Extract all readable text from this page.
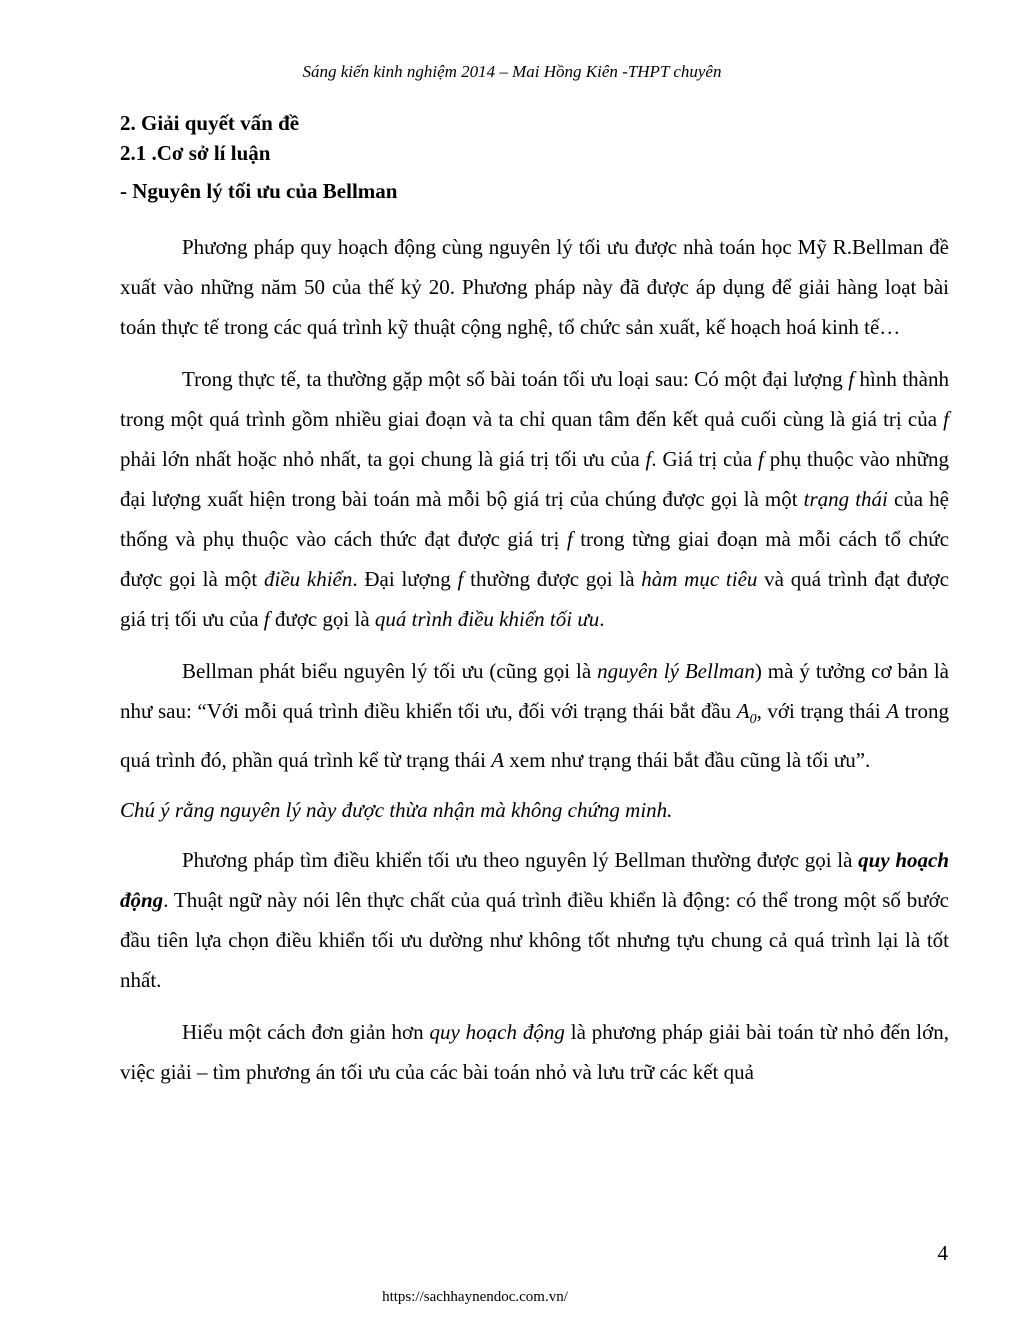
Sáng kiến kinh nghiệm 2014 – Mai Hồng Kiên -THPT chuyên

2. Giải quyết vấn đề

2.1 .Cơ sở lí luận

- Nguyên lý tối ưu của Bellman

Phương pháp quy hoạch động cùng nguyên lý tối ưu được nhà toán học Mỹ R.Bellman đề xuất vào những năm 50 của thế kỷ 20. Phương pháp này đã được áp dụng để giải hàng loạt bài toán thực tế trong các quá trình kỹ thuật cộng nghệ, tổ chức sản xuất, kế hoạch hoá kinh tế…

Trong thực tế, ta thường gặp một số bài toán tối ưu loại sau: Có một đại lượng f hình thành trong một quá trình gồm nhiều giai đoạn và ta chỉ quan tâm đến kết quả cuối cùng là giá trị của f phải lớn nhất hoặc nhỏ nhất, ta gọi chung là giá trị tối ưu của f. Giá trị của f phụ thuộc vào những đại lượng xuất hiện trong bài toán mà mỗi bộ giá trị của chúng được gọi là một trạng thái của hệ thống và phụ thuộc vào cách thức đạt được giá trị f trong từng giai đoạn mà mỗi cách tổ chức được gọi là một điều khiển. Đại lượng f thường được gọi là hàm mục tiêu và quá trình đạt được giá trị tối ưu của f được gọi là quá trình điều khiển tối ưu.

Bellman phát biểu nguyên lý tối ưu (cũng gọi là nguyên lý Bellman) mà ý tưởng cơ bản là như sau: “Với mỗi quá trình điều khiển tối ưu, đối với trạng thái bắt đầu $A_0$, với trạng thái A trong quá trình đó, phần quá trình kể từ trạng thái A xem như trạng thái bắt đầu cũng là tối ưu”.

Chú ý rằng nguyên lý này được thừa nhận mà không chứng minh.

Phương pháp tìm điều khiển tối ưu theo nguyên lý Bellman thường được gọi là quy hoạch động. Thuật ngữ này nói lên thực chất của quá trình điều khiển là động: có thể trong một số bước đầu tiên lựa chọn điều khiển tối ưu dường như không tốt nhưng tựu chung cả quá trình lại là tốt nhất.

Hiểu một cách đơn giản hơn quy hoạch động là phương pháp giải bài toán từ nhỏ đến lớn, việc giải – tìm phương án tối ưu của các bài toán nhỏ và lưu trữ các kết quả

4
https://sachhaynendoc.com.vn/
